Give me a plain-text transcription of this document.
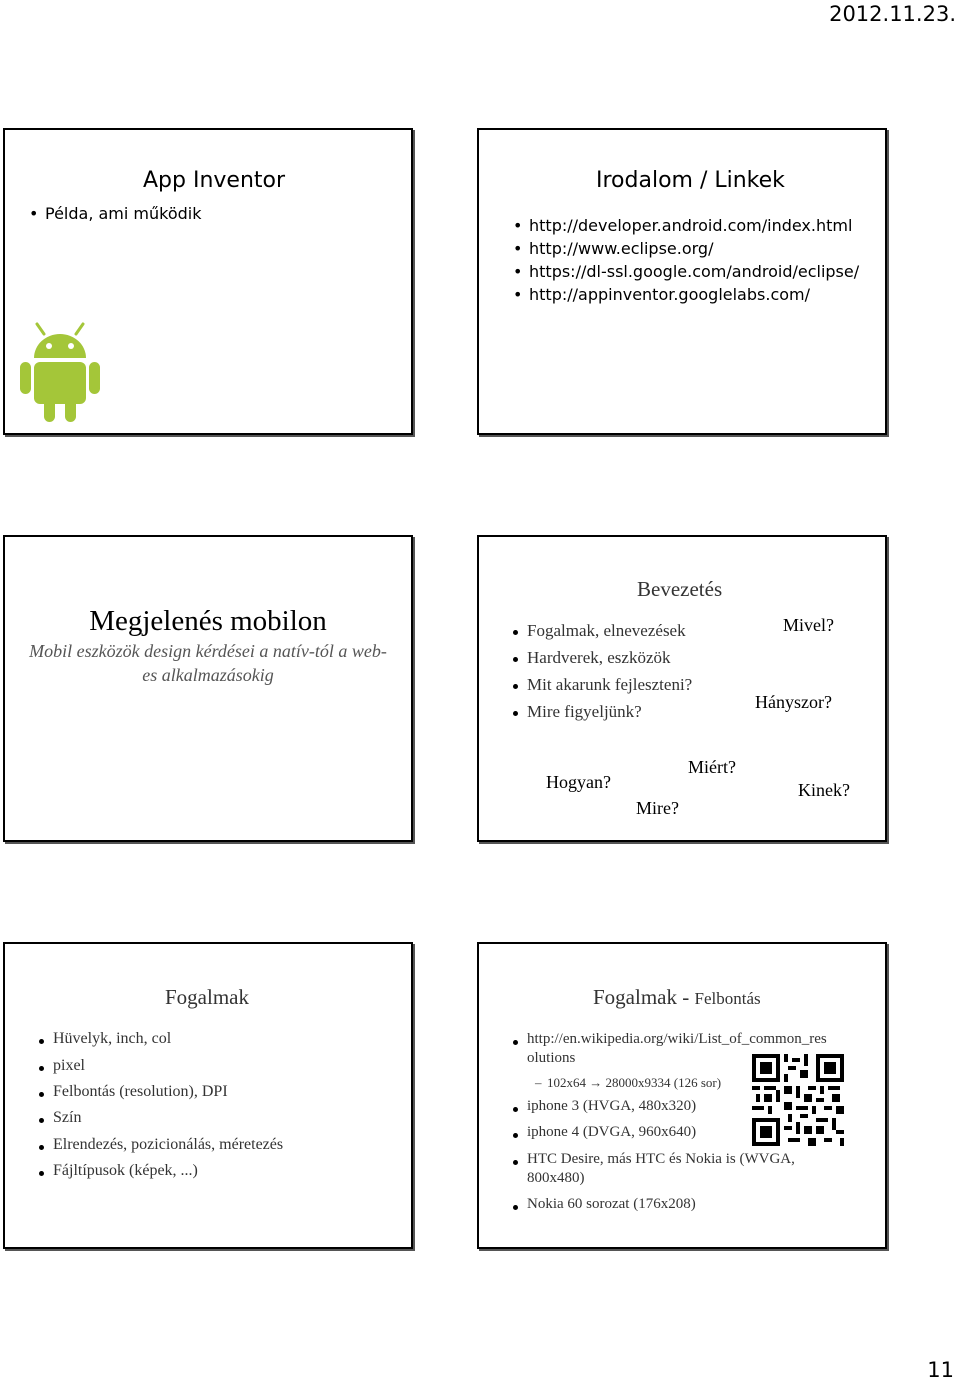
2012.11.23.
App Inventor
• Példa, ami működik
Irodalom / Linkek
• http://developer.android.com/index.html
• http://www.eclipse.org/
• https://dl-ssl.google.com/android/eclipse/
• http://appinventor.googlelabs.com/
Megjelenés mobilon
Mobil eszközök design kérdései a natív-tól a web-
es alkalmazásokig
Bevezetés
Fogalmak, elnevezések
Hardverek, eszközök
Mit akarunk fejleszteni?
Mire figyeljünk?
Mivel?
Hányszor?
Hogyan?
Miért?
Mire?
Kinek?
Fogalmak
Hüvelyk, inch, col
pixel
Felbontás (resolution), DPI
Szín
Elrendezés, pozicionálás, méretezés
Fájltípusok (képek, ...)
Fogalmak - Felbontás
http://en.wikipedia.org/wiki/List_of_common_res
olutions
– 102x64 → 28000x9334 (126 sor)
iphone 3 (HVGA, 480x320)
iphone 4 (DVGA, 960x640)
HTC Desire, más HTC és Nokia is (WVGA,
800x480)
Nokia 60 sorozat (176x208)
11
